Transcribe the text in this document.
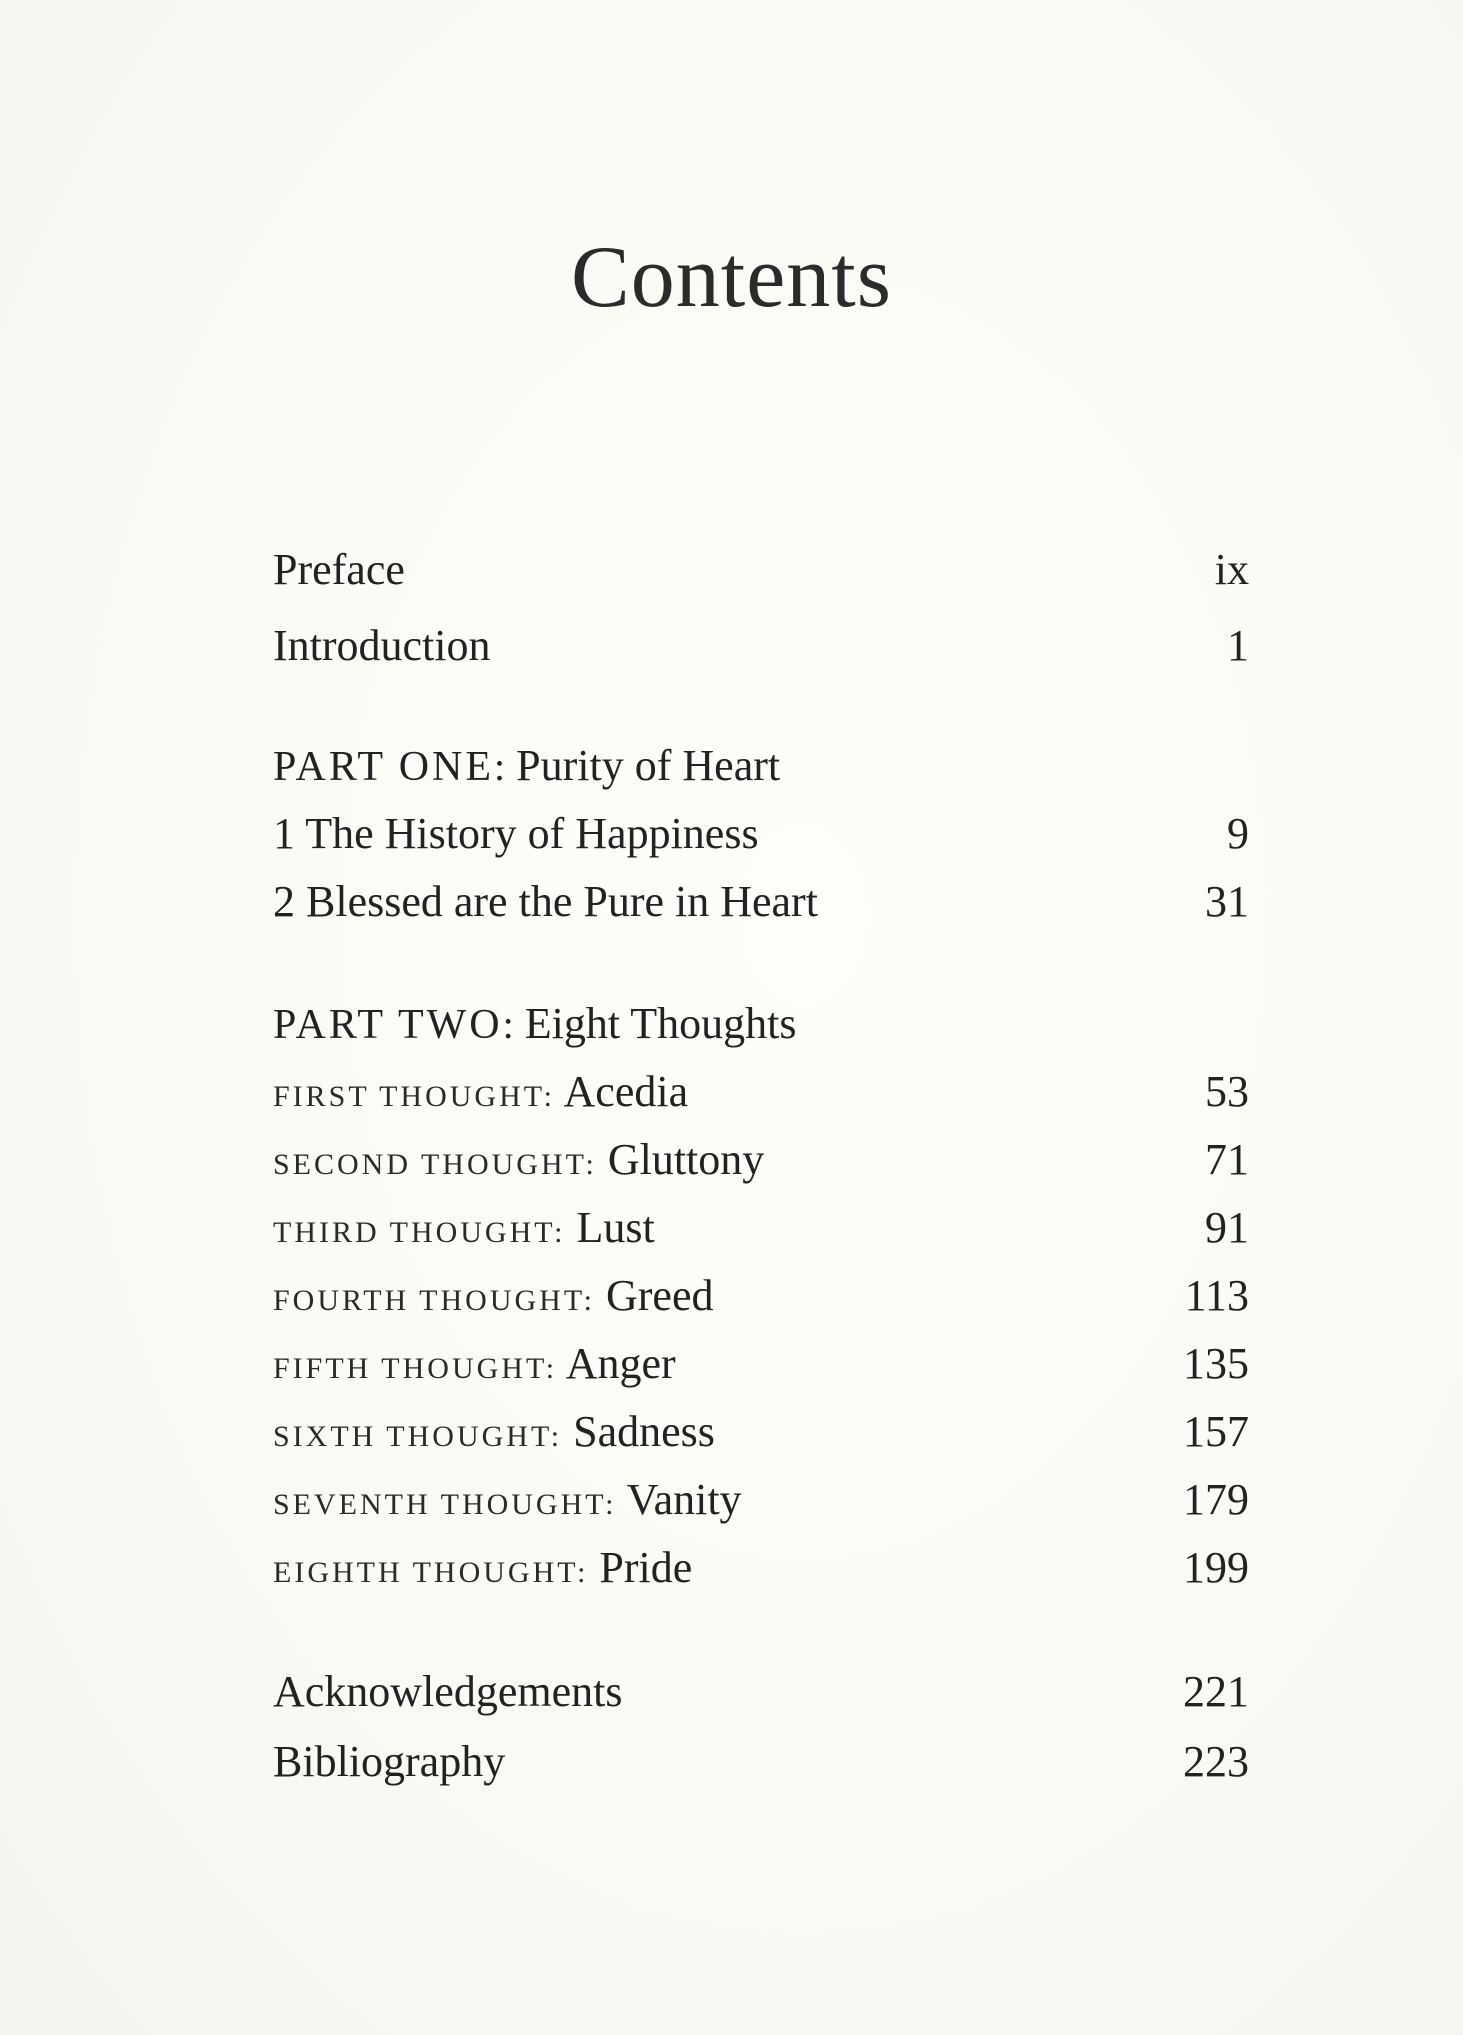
Contents
Preface	ix
Introduction	1
PART ONE: Purity of Heart
1 The History of Happiness	9
2 Blessed are the Pure in Heart	31
PART TWO: Eight Thoughts
FIRST THOUGHT: Acedia	53
SECOND THOUGHT: Gluttony	71
THIRD THOUGHT: Lust	91
FOURTH THOUGHT: Greed	113
FIFTH THOUGHT: Anger	135
SIXTH THOUGHT: Sadness	157
SEVENTH THOUGHT: Vanity	179
EIGHTH THOUGHT: Pride	199
Acknowledgements	221
Bibliography	223
